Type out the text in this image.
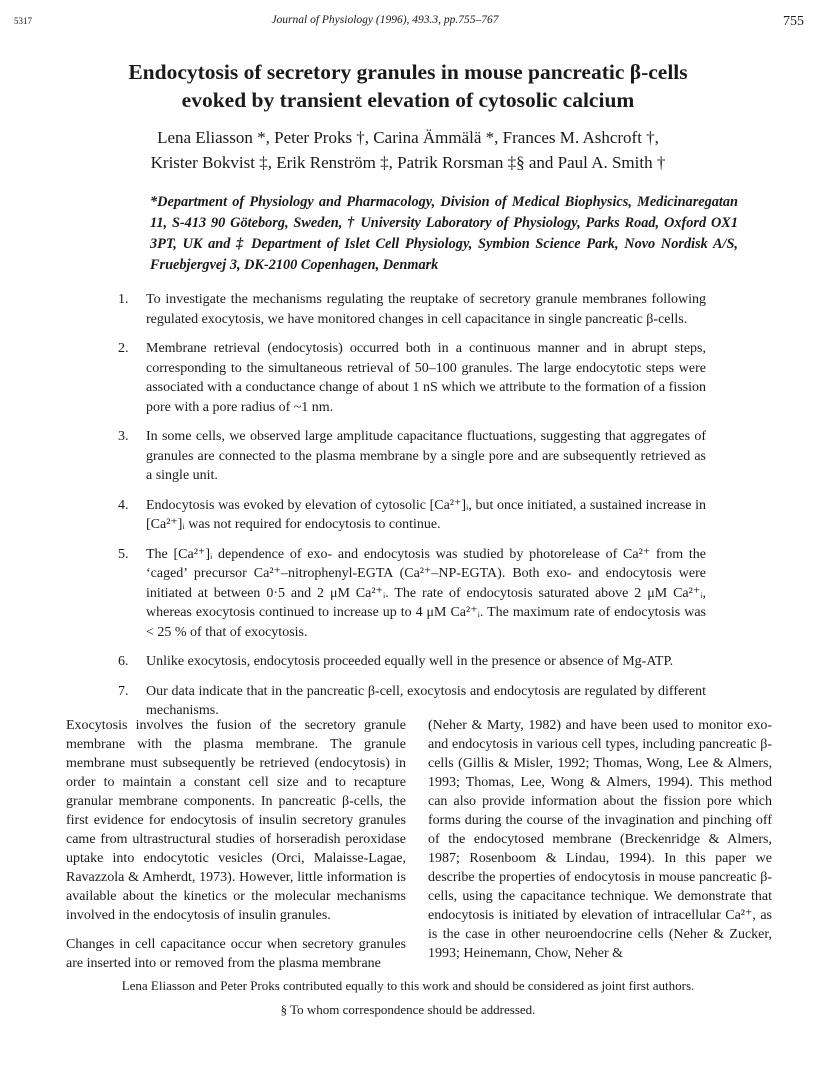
5317	Journal of Physiology (1996), 493.3, pp.755–767	755
Endocytosis of secretory granules in mouse pancreatic β-cells
evoked by transient elevation of cytosolic calcium
Lena Eliasson *, Peter Proks †, Carina Ämmälä *, Frances M. Ashcroft †,
Krister Bokvist ‡, Erik Renström ‡, Patrik Rorsman ‡§ and Paul A. Smith †
*Department of Physiology and Pharmacology, Division of Medical Biophysics, Medicinaregatan 11, S-413 90 Göteborg, Sweden, † University Laboratory of Physiology, Parks Road, Oxford OX1 3PT, UK and ‡ Department of Islet Cell Physiology, Symbion Science Park, Novo Nordisk A/S, Fruebjergvej 3, DK-2100 Copenhagen, Denmark
1. To investigate the mechanisms regulating the reuptake of secretory granule membranes following regulated exocytosis, we have monitored changes in cell capacitance in single pancreatic β-cells.
2. Membrane retrieval (endocytosis) occurred both in a continuous manner and in abrupt steps, corresponding to the simultaneous retrieval of 50–100 granules. The large endocytotic steps were associated with a conductance change of about 1 nS which we attribute to the formation of a fission pore with a pore radius of ~1 nm.
3. In some cells, we observed large amplitude capacitance fluctuations, suggesting that aggregates of granules are connected to the plasma membrane by a single pore and are subsequently retrieved as a single unit.
4. Endocytosis was evoked by elevation of cytosolic [Ca²⁺]ᵢ, but once initiated, a sustained increase in [Ca²⁺]ᵢ was not required for endocytosis to continue.
5. The [Ca²⁺]ᵢ dependence of exo- and endocytosis was studied by photorelease of Ca²⁺ from the ‘caged’ precursor Ca²⁺–nitrophenyl-EGTA (Ca²⁺–NP-EGTA). Both exo- and endocytosis were initiated at between 0·5 and 2 μM Ca²⁺ᵢ. The rate of endocytosis saturated above 2 μM Ca²⁺ᵢ, whereas exocytosis continued to increase up to 4 μM Ca²⁺ᵢ. The maximum rate of endocytosis was < 25 % of that of exocytosis.
6. Unlike exocytosis, endocytosis proceeded equally well in the presence or absence of Mg-ATP.
7. Our data indicate that in the pancreatic β-cell, exocytosis and endocytosis are regulated by different mechanisms.

Exocytosis involves the fusion of the secretory granule membrane with the plasma membrane. The granule membrane must subsequently be retrieved (endocytosis) in order to maintain a constant cell size and to recapture granular membrane components. In pancreatic β-cells, the first evidence for endocytosis of insulin secretory granules came from ultrastructural studies of horseradish peroxidase uptake into endocytotic vesicles (Orci, Malaisse-Lagae, Ravazzola & Amherdt, 1973). However, little information is available about the kinetics or the molecular mechanisms involved in the endocytosis of insulin granules.

Changes in cell capacitance occur when secretory granules are inserted into or removed from the plasma membrane

(Neher & Marty, 1982) and have been used to monitor exo- and endocytosis in various cell types, including pancreatic β-cells (Gillis & Misler, 1992; Thomas, Wong, Lee & Almers, 1993; Thomas, Lee, Wong & Almers, 1994). This method can also provide information about the fission pore which forms during the course of the invagination and pinching off of the endocytosed membrane (Breckenridge & Almers, 1987; Rosenboom & Lindau, 1994). In this paper we describe the properties of endocytosis in mouse pancreatic β-cells, using the capacitance technique. We demonstrate that endocytosis is initiated by elevation of intracellular Ca²⁺, as is the case in other neuroendocrine cells (Neher & Zucker, 1993; Heinemann, Chow, Neher &

Lena Eliasson and Peter Proks contributed equally to this work and should be considered as joint first authors.
§ To whom correspondence should be addressed.
